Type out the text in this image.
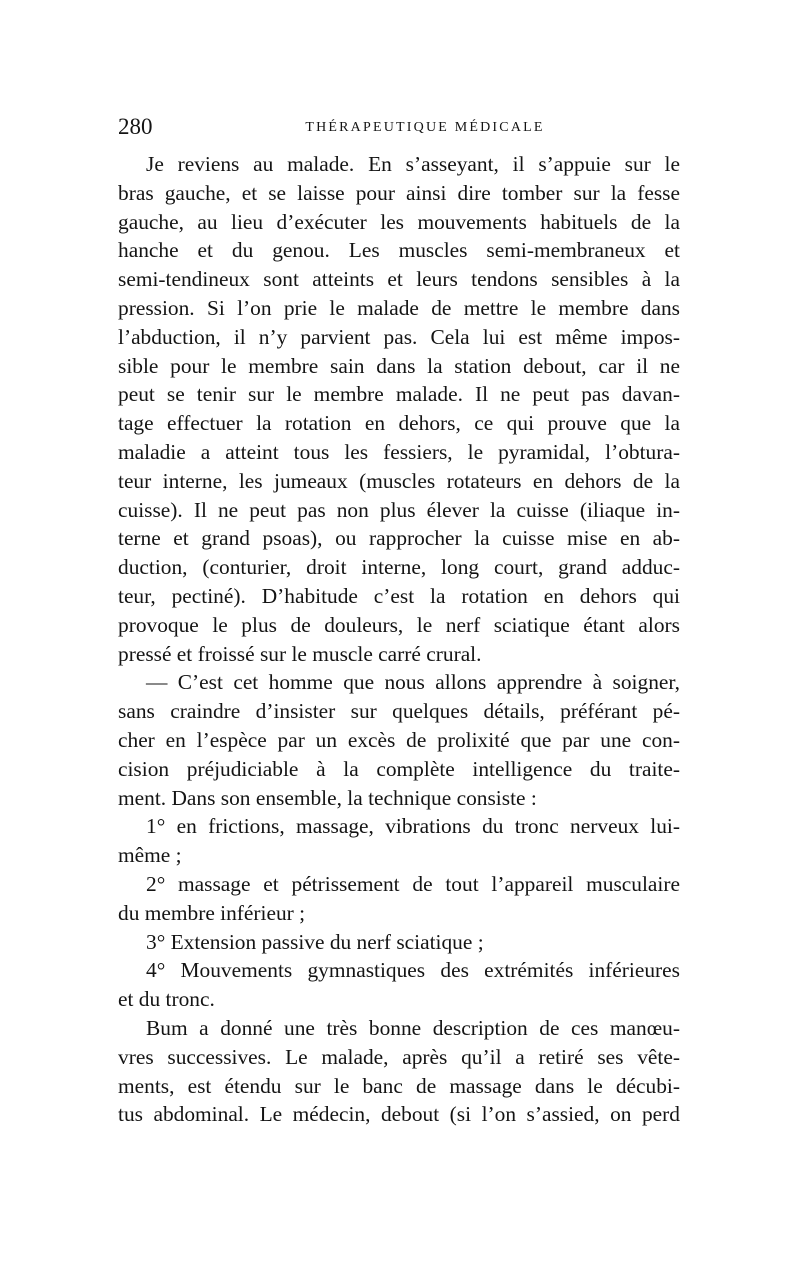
280	THÉRAPEUTIQUE MÉDICALE
Je reviens au malade. En s’asseyant, il s’appuie sur le
bras gauche, et se laisse pour ainsi dire tomber sur la fesse
gauche, au lieu d’exécuter les mouvements habituels de la
hanche et du genou. Les muscles semi-membraneux et
semi-tendineux sont atteints et leurs tendons sensibles à la
pression. Si l’on prie le malade de mettre le membre dans
l’abduction, il n’y parvient pas. Cela lui est même impos-
sible pour le membre sain dans la station debout, car il ne
peut se tenir sur le membre malade. Il ne peut pas davan-
tage effectuer la rotation en dehors, ce qui prouve que la
maladie a atteint tous les fessiers, le pyramidal, l’obtura-
teur interne, les jumeaux (muscles rotateurs en dehors de la
cuisse). Il ne peut pas non plus élever la cuisse (iliaque in-
terne et grand psoas), ou rapprocher la cuisse mise en ab-
duction, (conturier, droit interne, long court, grand adduc-
teur, pectiné). D’habitude c’est la rotation en dehors qui
provoque le plus de douleurs, le nerf sciatique étant alors
pressé et froissé sur le muscle carré crural.
— C’est cet homme que nous allons apprendre à soigner,
sans craindre d’insister sur quelques détails, préférant pé-
cher en l’espèce par un excès de prolixité que par une con-
cision préjudiciable à la complète intelligence du traite-
ment. Dans son ensemble, la technique consiste :
1° en frictions, massage, vibrations du tronc nerveux lui-
même ;
2° massage et pétrissement de tout l’appareil musculaire
du membre inférieur ;
3° Extension passive du nerf sciatique ;
4° Mouvements gymnastiques des extrémités inférieures
et du tronc.
Bum a donné une très bonne description de ces manœu-
vres successives. Le malade, après qu’il a retiré ses vête-
ments, est étendu sur le banc de massage dans le décubi-
tus abdominal. Le médecin, debout (si l’on s’assied, on perd
